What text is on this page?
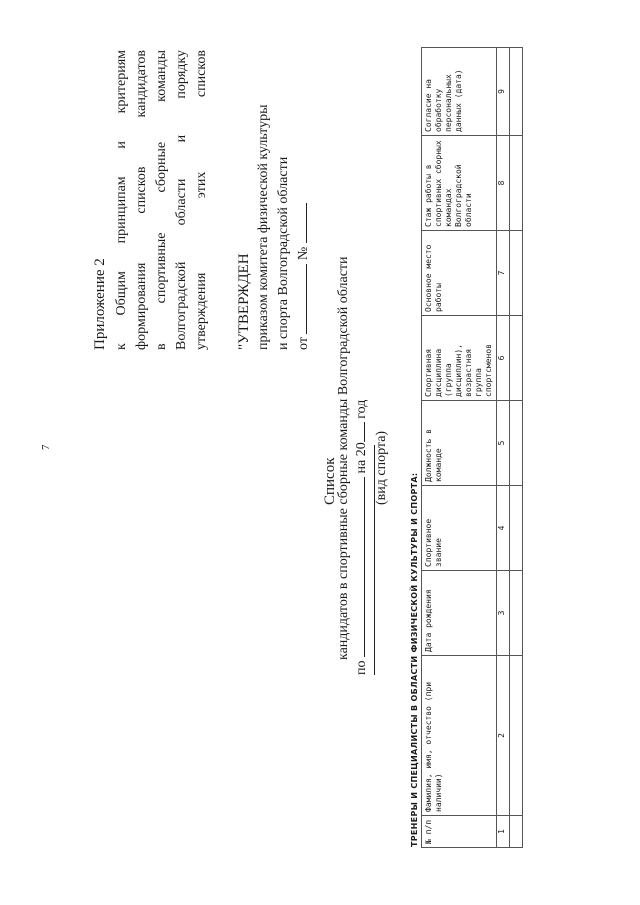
7
Приложение 2 к Общим принципам и критериям формирования списков кандидатов в спортивные сборные команды Волгоградской области и порядку утверждения этих списков "УТВЕРЖДЕН приказом комитета физической культуры и спорта Волгоградской области от  №
Список
кандидатов в спортивные сборные команды Волгоградской области
по  на 20 год
(вид спорта)
ТРЕНЕРЫ И СПЕЦИАЛИСТЫ В ОБЛАСТИ ФИЗИЧЕСКОЙ КУЛЬТУРЫ И СПОРТА: № п/п	Фамилия, имя, отчество (при наличии)	Дата рождения	Спортивное звание	Должность в команде	Спортивная дисциплина (группа дисциплин), возрастная группа спортсменов	Основное место работы	Стаж работы в спортивных сборных командах Волгоградской области	Согласие на обработку персональных данных (дата)
1	2	3	4	5	6	7	8	9
